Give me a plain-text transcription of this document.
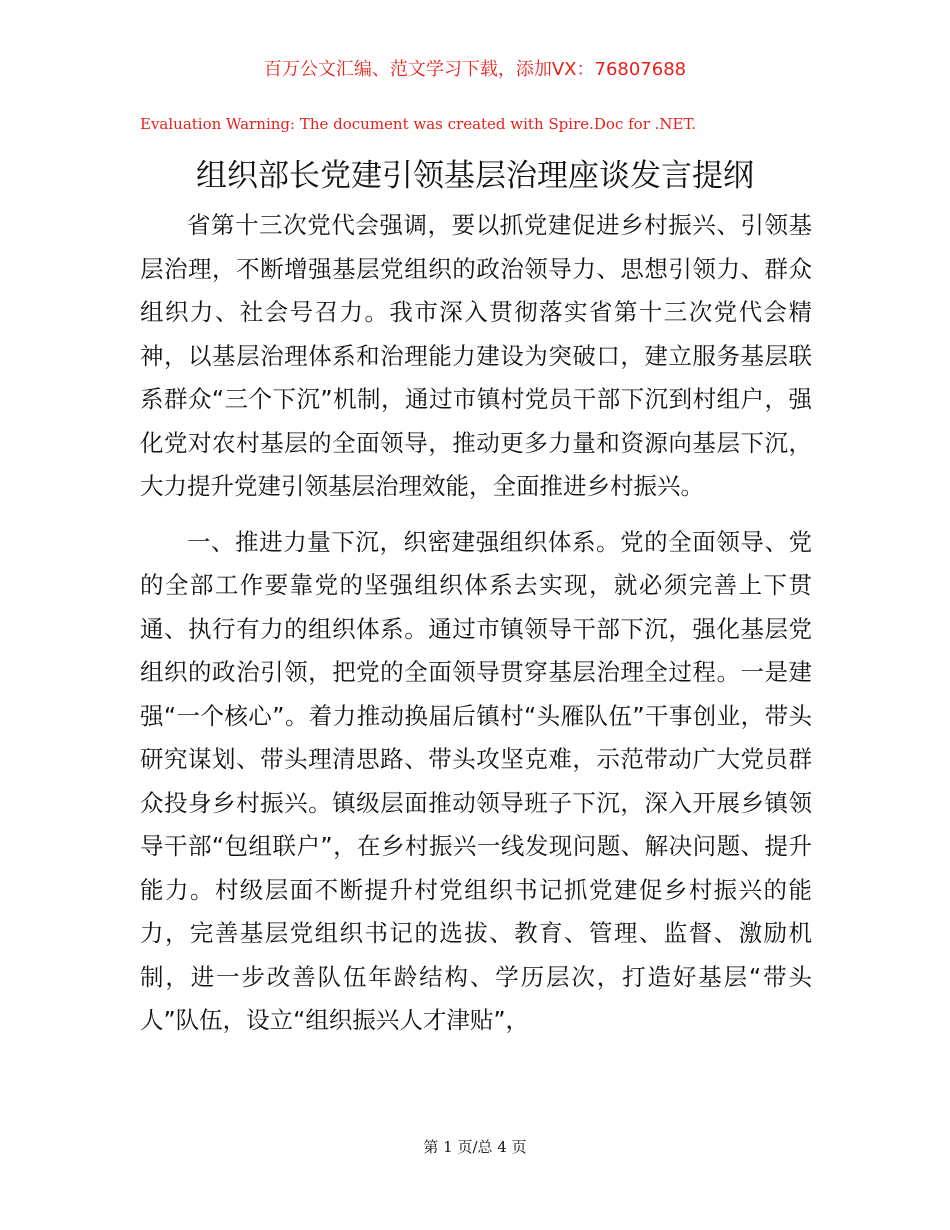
百万公文汇编、范文学习下载，添加VX：76807688
Evaluation Warning: The document was created with Spire.Doc for .NET.
组织部长党建引领基层治理座谈发言提纲

省第十三次党代会强调，要以抓党建促进乡村振兴、引领基层治理，不断增强基层党组织的政治领导力、思想引领力、群众组织力、社会号召力。我市深入贯彻落实省第十三次党代会精神，以基层治理体系和治理能力建设为突破口，建立服务基层联系群众“三个下沉”机制，通过市镇村党员干部下沉到村组户，强化党对农村基层的全面领导，推动更多力量和资源向基层下沉，大力提升党建引领基层治理效能，全面推进乡村振兴。

一、推进力量下沉，织密建强组织体系。党的全面领导、党的全部工作要靠党的坚强组织体系去实现，就必须完善上下贯通、执行有力的组织体系。通过市镇领导干部下沉，强化基层党组织的政治引领，把党的全面领导贯穿基层治理全过程。一是建强“一个核心”。着力推动换届后镇村“头雁队伍”干事创业，带头研究谋划、带头理清思路、带头攻坚克难，示范带动广大党员群众投身乡村振兴。镇级层面推动领导班子下沉，深入开展乡镇领导干部“包组联户”，在乡村振兴一线发现问题、解决问题、提升能力。村级层面不断提升村党组织书记抓党建促乡村振兴的能力，完善基层党组织书记的选拔、教育、管理、监督、激励机制，进一步改善队伍年龄结构、学历层次，打造好基层“带头人”队伍，设立“组织振兴人才津贴”，

第 1 页/总 4 页
